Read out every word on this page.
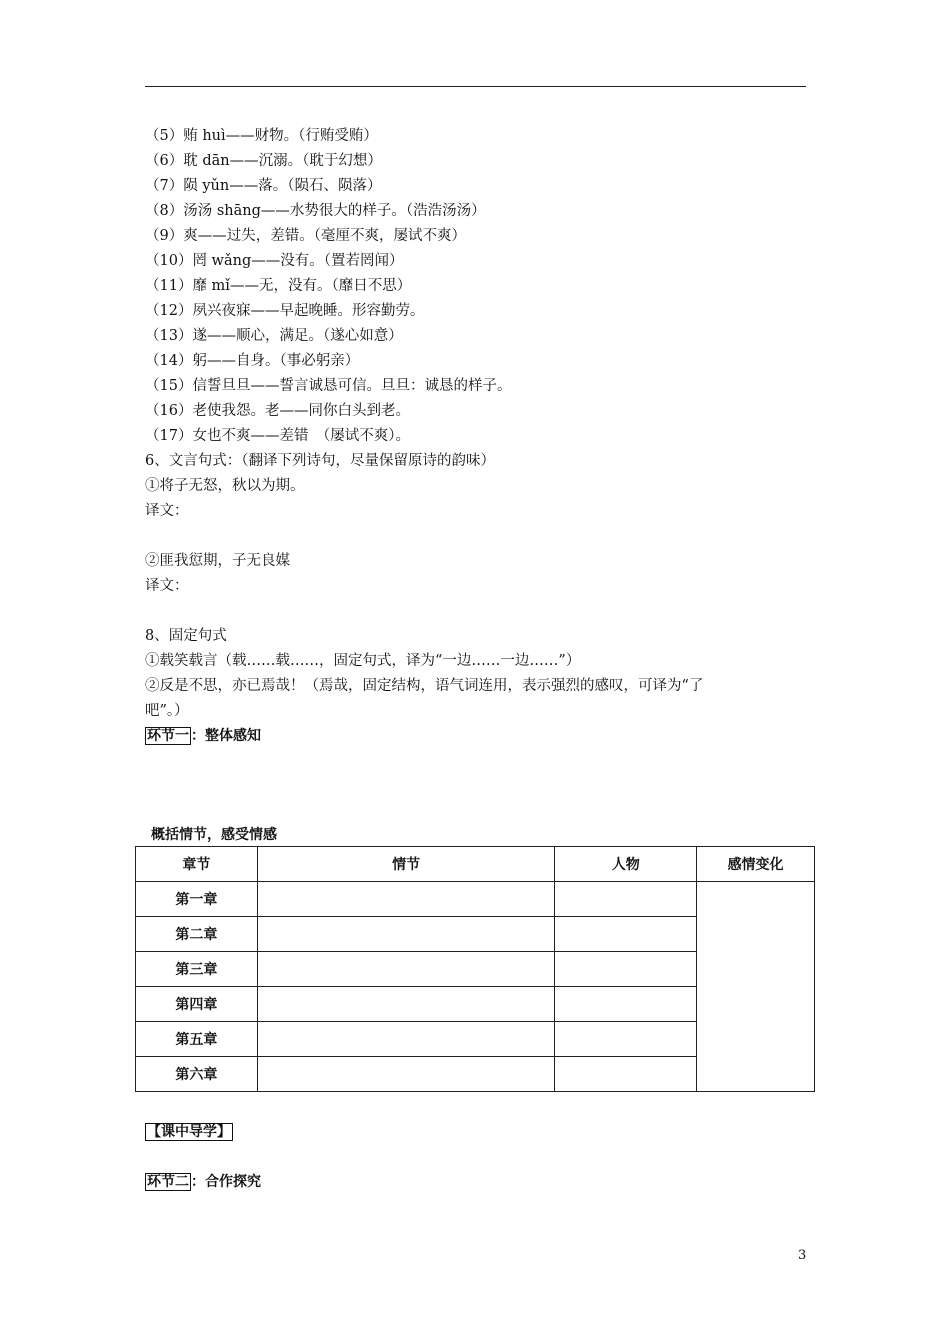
（5）贿 huì——财物。（行贿受贿）
（6）耽 dān——沉溺。（耽于幻想）
（7）陨 yǔn——落。（陨石、陨落）
（8）汤汤 shāng——水势很大的样子。（浩浩汤汤）
（9）爽——过失，差错。（毫厘不爽，屡试不爽）
（10）罔 wǎng——没有。（置若罔闻）
（11）靡 mǐ——无，没有。（靡日不思）
（12）夙兴夜寐——早起晚睡。形容勤劳。
（13）遂——顺心，满足。（遂心如意）
（14）躬——自身。（事必躬亲）
（15）信誓旦旦——誓言诚恳可信。旦旦：诚恳的样子。
（16）老使我怨。老——同你白头到老。
（17）女也不爽——差错　（屡试不爽）。
6、文言句式：（翻译下列诗句，尽量保留原诗的韵味）
①将子无怒，秋以为期。
译文：
②匪我愆期，子无良媒
译文：
8、固定句式
①载笑载言（载……载……，固定句式，译为“一边……一边……”）
②反是不思，亦已焉哉！（焉哉，固定结构，语气词连用，表示强烈的感叹，可译为“了
吧”。）
环节一 ：整体感知
概括情节，感受情感
章节	情节	人物	感情变化
第一章			
第二章			
第三章			
第四章			
第五章			
第六章			
【课中导学】
环节二 ：合作探究
3
